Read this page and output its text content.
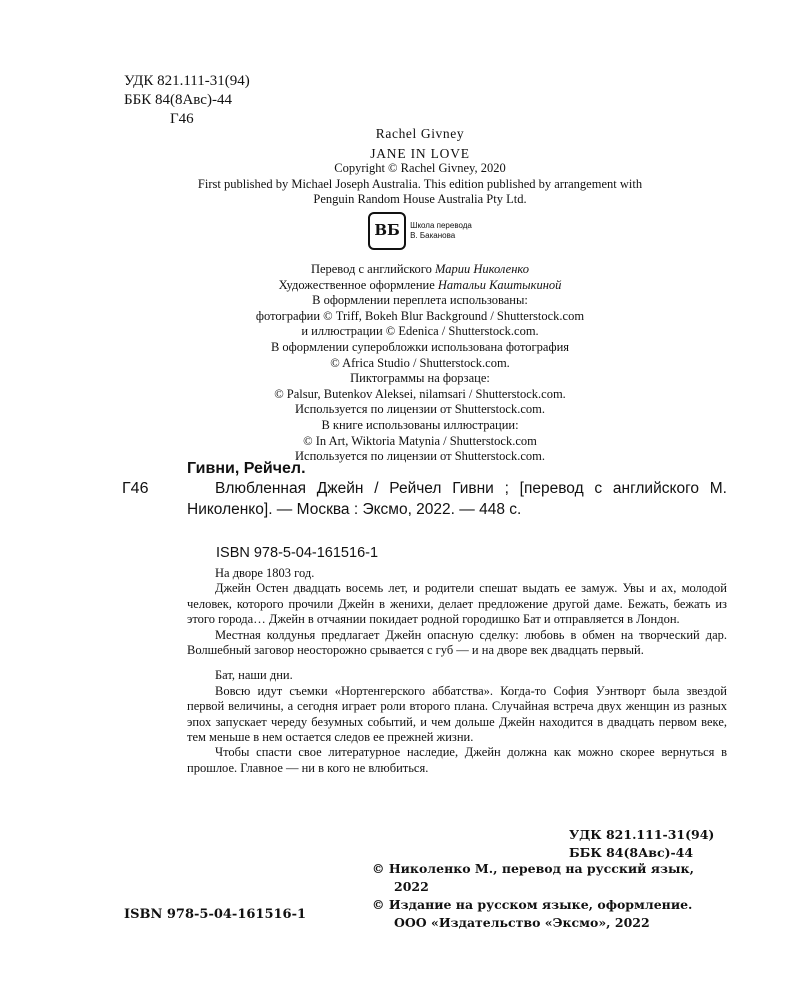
УДК 821.111-31(94)
ББК 84(8Авс)-44
Г46
Rachel Givney
JANE IN LOVE
Copyright © Rachel Givney, 2020
First published by Michael Joseph Australia. This edition published by arrangement with
Penguin Random House Australia Pty Ltd.
ВБ	Школа перевода
В. Баканова
Перевод с английского Марии Николенко
Художественное оформление Натальи Каштыкиной
В оформлении переплета использованы:
фотографии © Triff, Bokeh Blur Background / Shutterstock.com
и иллюстрации © Edenica / Shutterstock.com.
В оформлении суперобложки использована фотография
© Africa Studio / Shutterstock.com.
Пиктограммы на форзаце:
© Palsur, Butenkov Aleksei, nilamsari / Shutterstock.com.
Используется по лицензии от Shutterstock.com.
В книге использованы иллюстрации:
© In Art, Wiktoria Matynia / Shutterstock.com
Используется по лицензии от Shutterstock.com.
Гивни, Рейчел.
Г46	Влюбленная Джейн / Рейчел Гивни ; [перевод с английского М. Николенко]. — Москва : Эксмо, 2022. — 448 с.

ISBN 978-5-04-161516-1

На дворе 1803 год.

Джейн Остен двадцать восемь лет, и родители спешат выдать ее замуж. Увы и ах, молодой человек, которого прочили Джейн в женихи, делает предложение другой даме. Бежать, бежать из этого города… Джейн в отчаянии покидает родной городишко Бат и отправляется в Лондон.

Местная колдунья предлагает Джейн опасную сделку: любовь в обмен на творческий дар. Волшебный заговор неосторожно срывается с губ — и на дворе век двадцать первый.

Бат, наши дни.

Вовсю идут съемки «Нортенгерского аббатства». Когда-то София Уэнтворт была звездой первой величины, а сегодня играет роли второго плана. Случайная встреча двух женщин из разных эпох запускает череду безумных событий, и чем дольше Джейн находится в двадцать первом веке, тем меньше в нем остается следов ее прежней жизни.

Чтобы спасти свое литературное наследие, Джейн должна как можно скорее вернуться в прошлое. Главное — ни в кого не влюбиться.

УДК 821.111-31(94)
ББК 84(8Авс)-44
© Николенко М., перевод на русский язык,
2022
© Издание на русском языке, оформление.
ООО «Издательство «Эксмо», 2022
ISBN 978-5-04-161516-1
